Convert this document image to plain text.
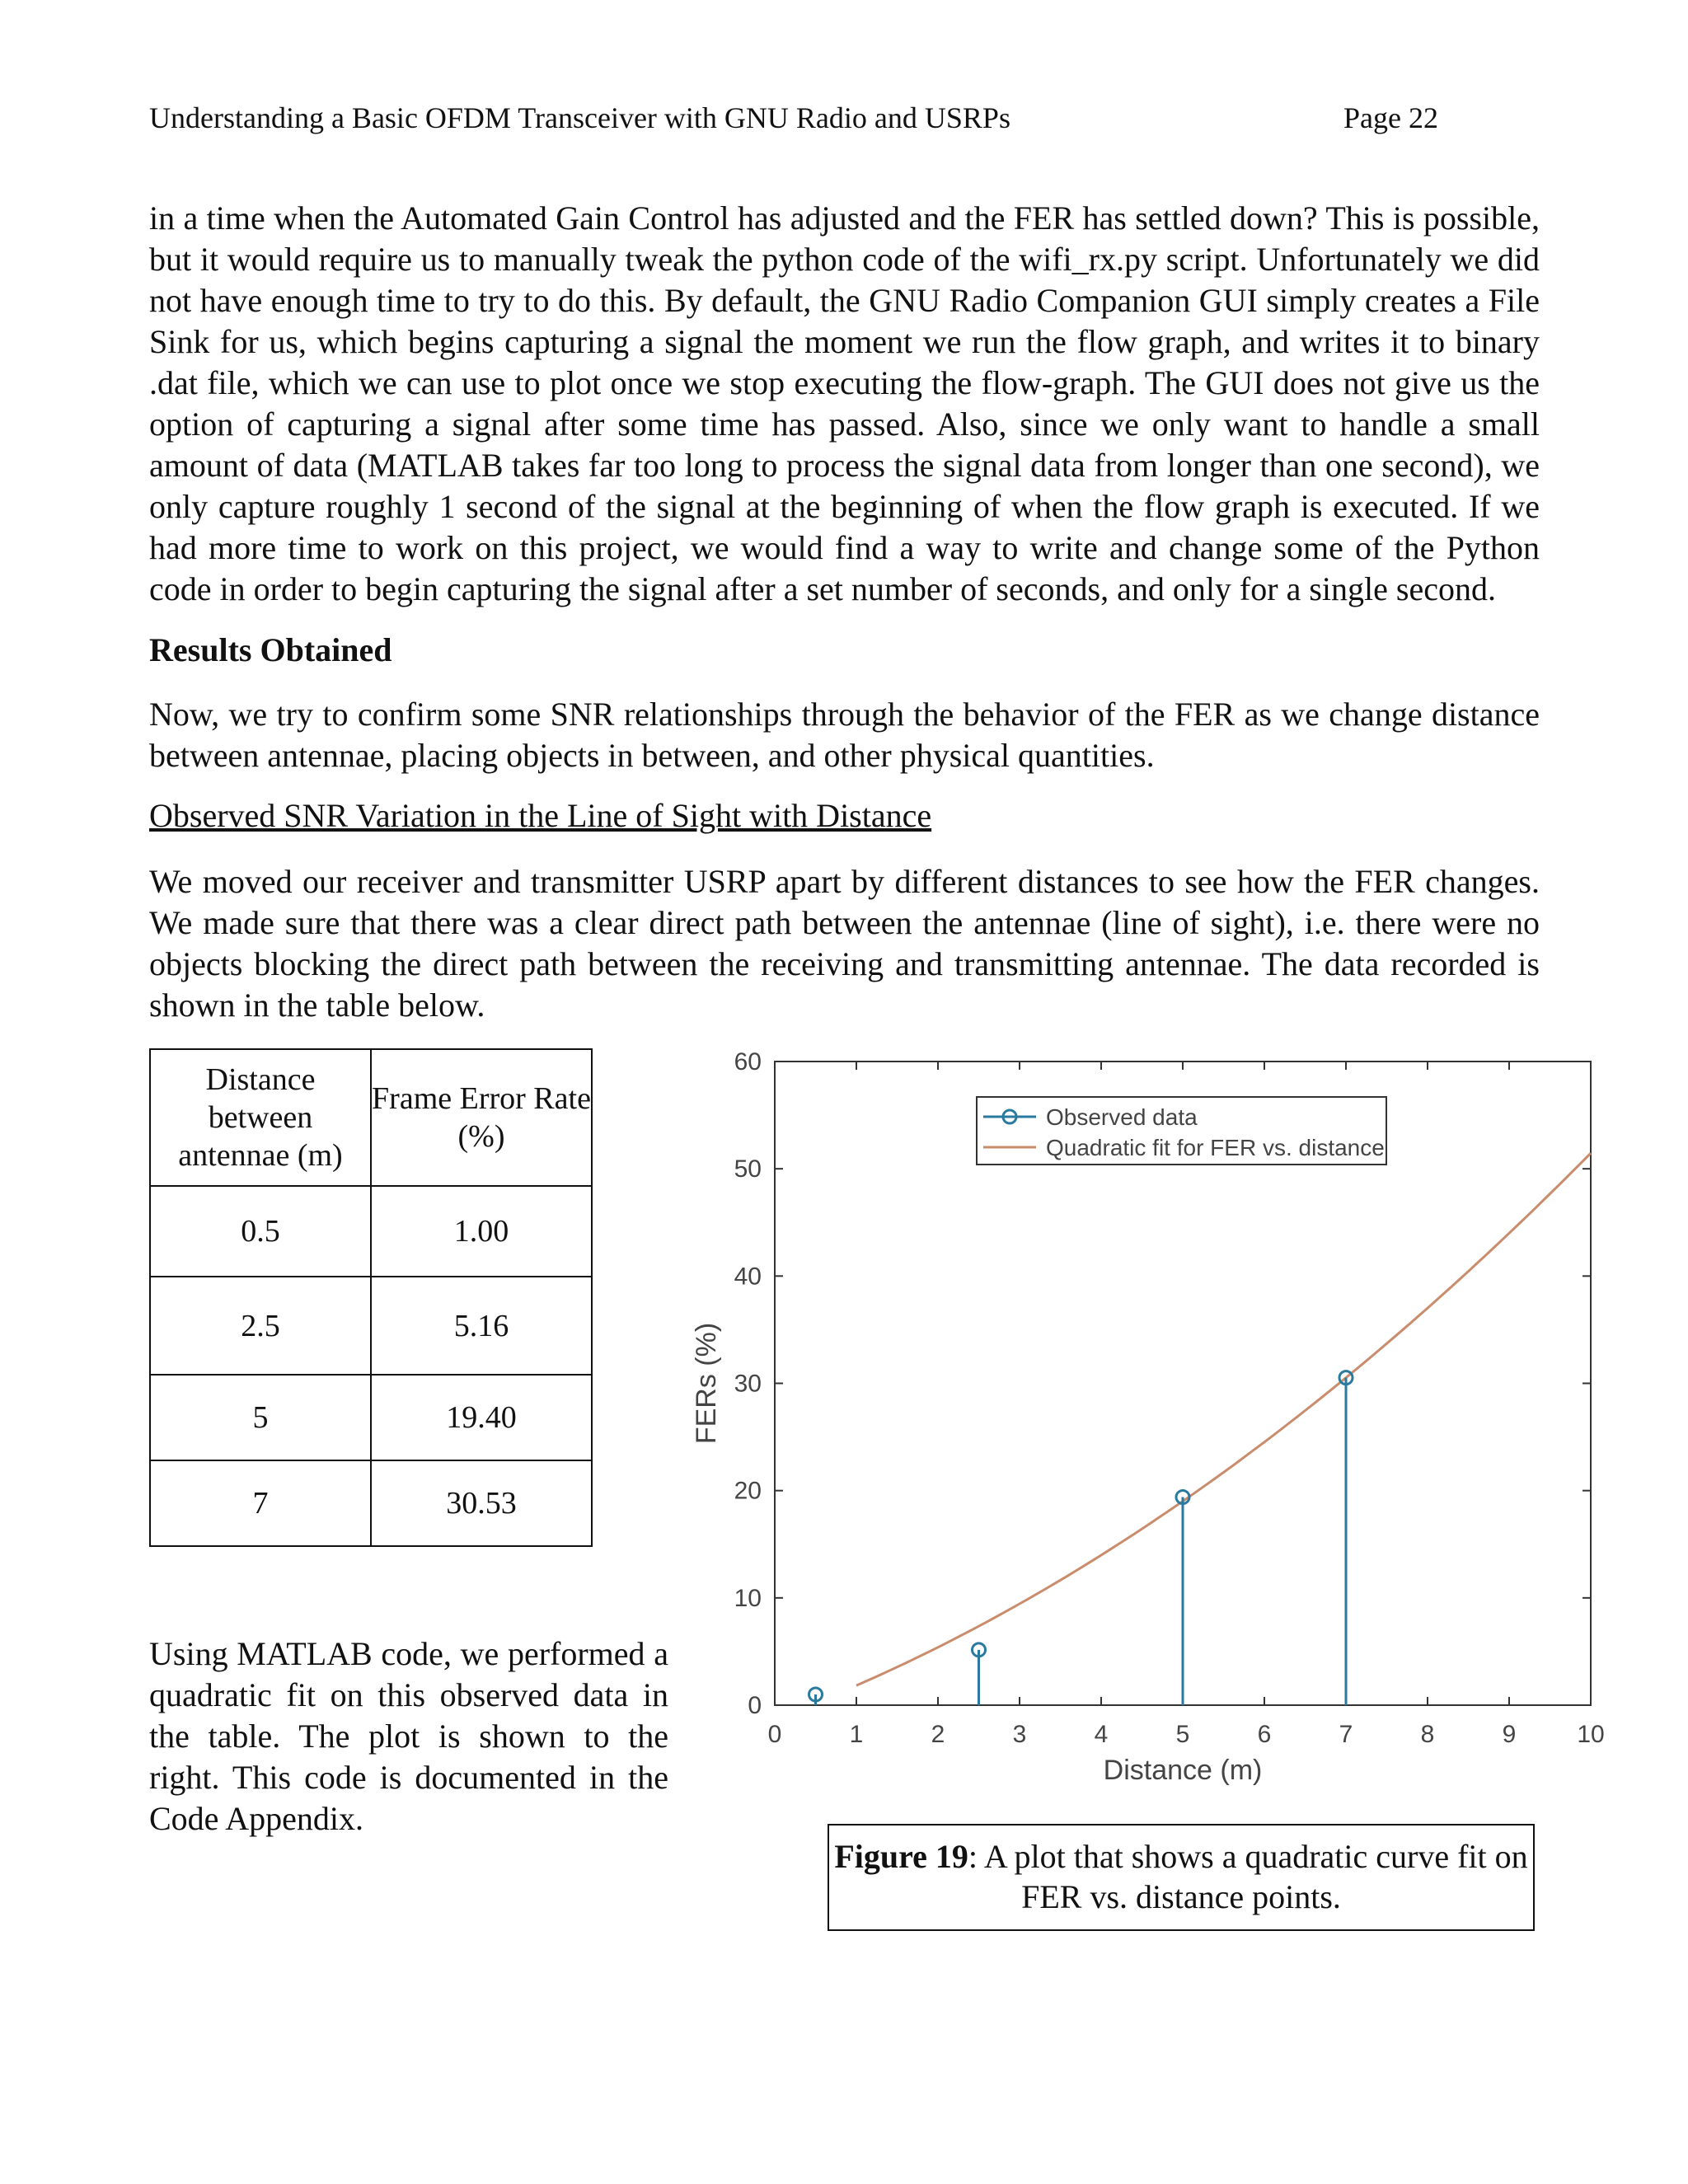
Understanding a Basic OFDM Transceiver with GNU Radio and USRPs	Page 22

in a time when the Automated Gain Control has adjusted and the FER has settled down? This is possible, but it would require us to manually tweak the python code of the wifi_rx.py script. Unfortunately we did not have enough time to try to do this. By default, the GNU Radio Companion GUI simply creates a File Sink for us, which begins capturing a signal the moment we run the flow graph, and writes it to binary .dat file, which we can use to plot once we stop executing the flow-graph. The GUI does not give us the option of capturing a signal after some time has passed. Also, since we only want to handle a small amount of data (MATLAB takes far too long to process the signal data from longer than one second), we only capture roughly 1 second of the signal at the beginning of when the flow graph is executed. If we had more time to work on this project, we would find a way to write and change some of the Python code in order to begin capturing the signal after a set number of seconds, and only for a single second.

Results Obtained

Now, we try to confirm some SNR relationships through the behavior of the FER as we change distance between antennae, placing objects in between, and other physical quantities.

Observed SNR Variation in the Line of Sight with Distance

We moved our receiver and transmitter USRP apart by different distances to see how the FER changes. We made sure that there was a clear direct path between the antennae (line of sight), i.e. there were no objects blocking the direct path between the receiving and transmitting antennae. The data recorded is shown in the table below.

Distance between antennae (m)	Frame Error Rate (%)
0.5	1.00
2.5	5.16
5	19.40
7	30.53

Using MATLAB code, we performed a quadratic fit on this observed data in the table. The plot is shown to the right. This code is documented in the Code Appendix.

0	1	2	3	4	5	6	7	8	9 10
0
10
20
30
40
50
60
Distance (m)
FERs (%)
Observed data
Quadratic fit for FER vs. distance
Figure 19: A plot that shows a quadratic curve fit on FER vs. distance points.
